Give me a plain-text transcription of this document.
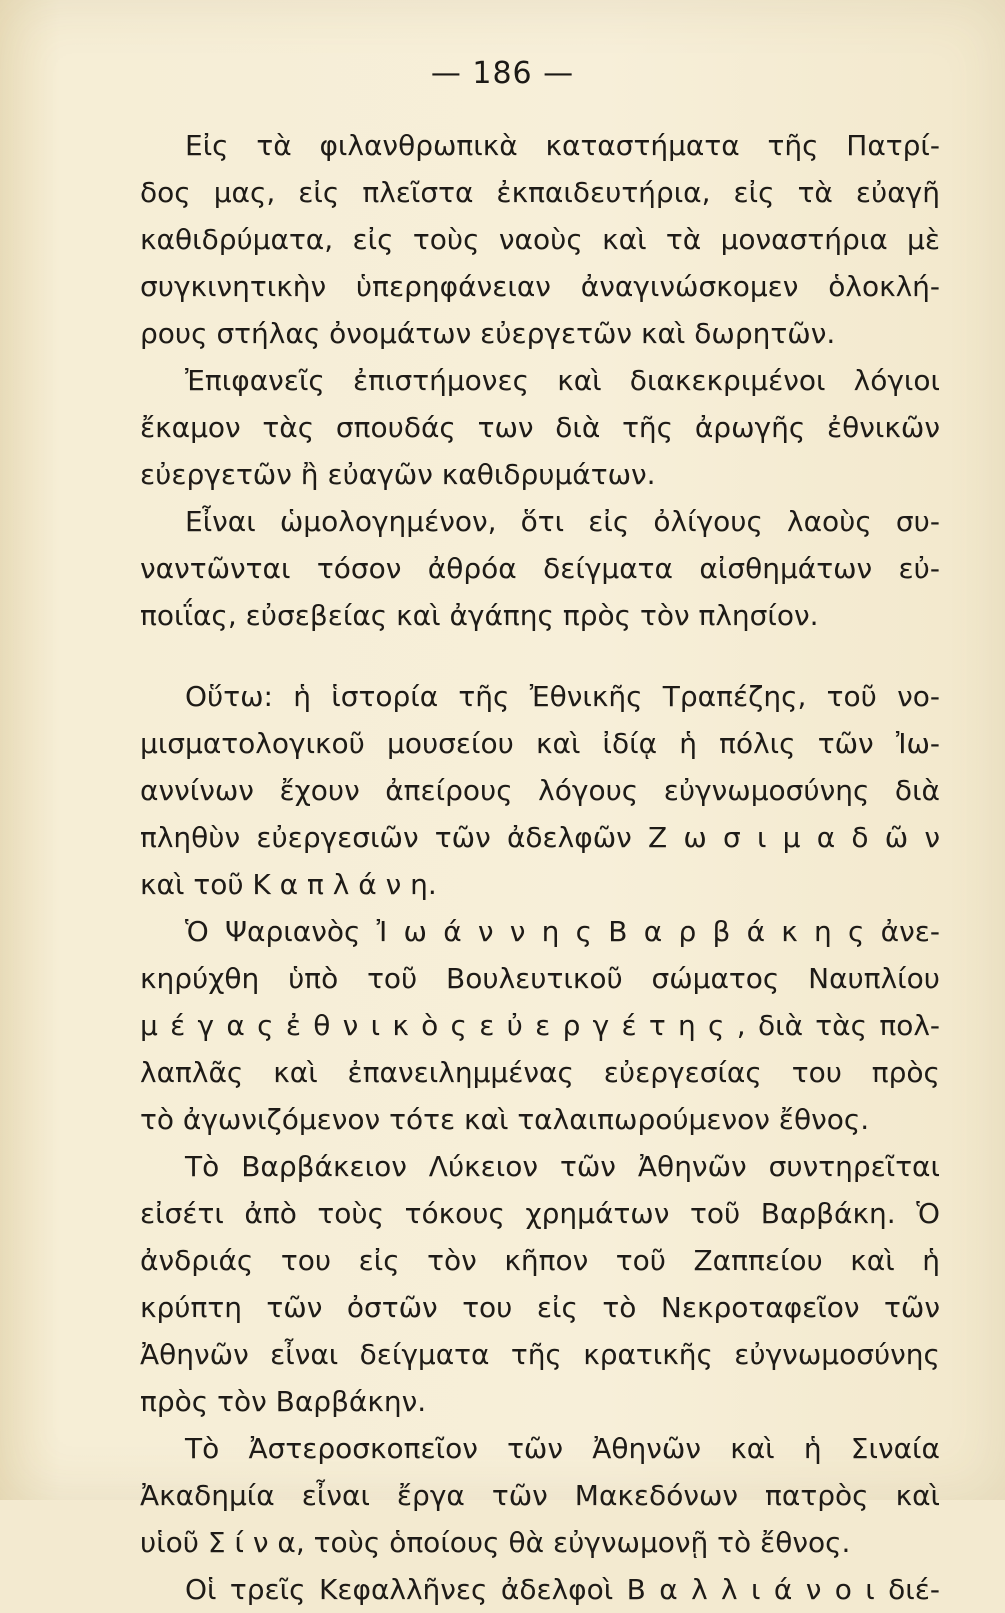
— 186 —
Εἰς τὰ φιλανθρωπικὰ καταστήματα τῆς Πατρί-
δος μας, εἰς πλεῖστα ἐκπαιδευτήρια, εἰς τὰ εὐαγῆ
καθιδρύματα, εἰς τοὺς ναοὺς καὶ τὰ μοναστήρια μὲ
συγκινητικὴν ὑπερηφάνειαν ἀναγινώσκομεν ὁλοκλή-
ρους στήλας ὀνομάτων εὐεργετῶν καὶ δωρητῶν.
Ἐπιφανεῖς ἐπιστήμονες καὶ διακεκριμένοι λόγιοι
ἔκαμον τὰς σπουδάς των διὰ τῆς ἀρωγῆς ἐθνικῶν
εὐεργετῶν ἢ εὐαγῶν καθιδρυμάτων.
Εἶναι ὡμολογημένον, ὅτι εἰς ὀλίγους λαοὺς συ-
ναντῶνται τόσον ἀθρόα δείγματα αἰσθημάτων εὐ-
ποιΐας, εὐσεβείας καὶ ἀγάπης πρὸς τὸν πλησίον.
Οὕτω: ἡ ἱστορία τῆς Ἐθνικῆς Τραπέζης, τοῦ νο-
μισματολογικοῦ μουσείου καὶ ἰδίᾳ ἡ πόλις τῶν Ἰω-
αννίνων ἔχουν ἀπείρους λόγους εὐγνωμοσύνης διὰ
πληθὺν εὐεργεσιῶν τῶν ἀδελφῶν Ζ ω σ ι μ α δ ῶ ν
καὶ τοῦ Κ α π λ ά ν η.
Ὁ Ψαριανὸς Ἰ ω ά ν ν η ς Β α ρ β ά κ η ς ἀνε-
κηρύχθη ὑπὸ τοῦ Βουλευτικοῦ σώματος Ναυπλίου
μ έ γ α ς ἐ θ ν ι κ ὸ ς ε ὐ ε ρ γ έ τ η ς , διὰ τὰς πολ-
λαπλᾶς καὶ ἐπανειλημμένας εὐεργεσίας του πρὸς
τὸ ἀγωνιζόμενον τότε καὶ ταλαιπωρούμενον ἔθνος.
Τὸ Βαρβάκειον Λύκειον τῶν Ἀθηνῶν συντηρεῖται
εἰσέτι ἀπὸ τοὺς τόκους χρημάτων τοῦ Βαρβάκη. Ὁ
ἀνδριάς του εἰς τὸν κῆπον τοῦ Ζαππείου καὶ ἡ
κρύπτη τῶν ὀστῶν του εἰς τὸ Νεκροταφεῖον τῶν
Ἀθηνῶν εἶναι δείγματα τῆς κρατικῆς εὐγνωμοσύνης
πρὸς τὸν Βαρβάκην.
Τὸ Ἀστεροσκοπεῖον τῶν Ἀθηνῶν καὶ ἡ Σιναία
Ἀκαδημία εἶναι ἔργα τῶν Μακεδόνων πατρὸς καὶ
υἱοῦ Σ ί ν α, τοὺς ὁποίους θὰ εὐγνωμονῇ τὸ ἔθνος.
Οἱ τρεῖς Κεφαλλῆνες ἀδελφοὶ Β α λ λ ι ά ν ο ι διέ-
